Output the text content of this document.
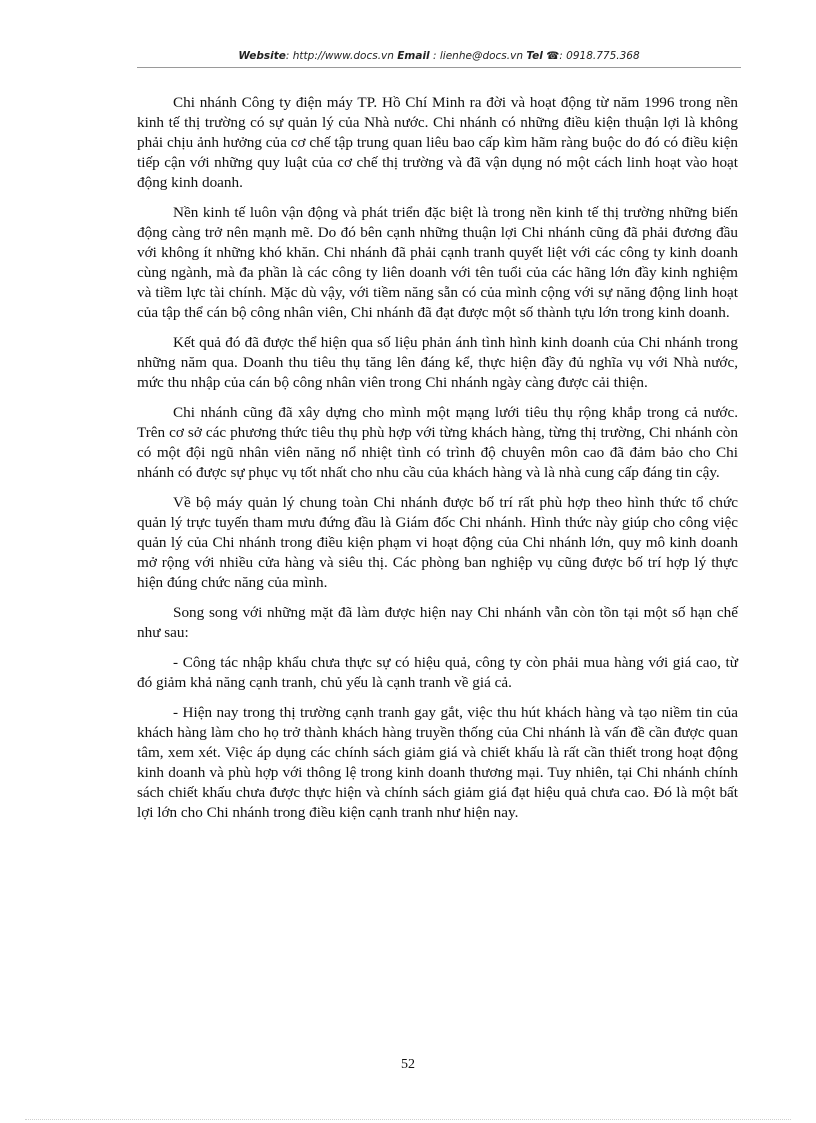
Website: http://www.docs.vn Email : lienhe@docs.vn Tel ☎: 0918.775.368

Chi nhánh Công ty điện máy TP. Hồ Chí Minh ra đời và hoạt động từ năm 1996 trong nền kinh tế thị trường có sự quản lý của Nhà nước. Chi nhánh có những điều kiện thuận lợi là không phải chịu ảnh hưởng của cơ chế tập trung quan liêu bao cấp kìm hãm ràng buộc do đó có điều kiện tiếp cận với những quy luật của cơ chế thị trường và đã vận dụng nó một cách linh hoạt vào hoạt động kinh doanh.

Nền kinh tế luôn vận động và phát triển đặc biệt là trong nền kinh tế thị trường những biến động càng trở nên mạnh mẽ. Do đó bên cạnh những thuận lợi Chi nhánh cũng đã phải đương đầu với không ít những khó khăn. Chi nhánh đã phải cạnh tranh quyết liệt với các công ty kinh doanh cùng ngành, mà đa phần là các công ty liên doanh với tên tuổi của các hãng lớn đầy kinh nghiệm và tiềm lực tài chính. Mặc dù vậy, với tiềm năng sẵn có của mình cộng với sự năng động linh hoạt của tập thể cán bộ công nhân viên, Chi nhánh đã đạt được một số thành tựu lớn trong kinh doanh.

Kết quả đó đã được thể hiện qua số liệu phản ánh tình hình kinh doanh của Chi nhánh trong những năm qua. Doanh thu tiêu thụ tăng lên đáng kể, thực hiện đầy đủ nghĩa vụ với Nhà nước, mức thu nhập của cán bộ công nhân viên trong Chi nhánh ngày càng được cải thiện.

Chi nhánh cũng đã xây dựng cho mình một mạng lưới tiêu thụ rộng khắp trong cả nước. Trên cơ sở các phương thức tiêu thụ phù hợp với từng khách hàng, từng thị trường, Chi nhánh còn có một đội ngũ nhân viên năng nổ nhiệt tình có trình độ chuyên môn cao đã đảm bảo cho Chi nhánh có được sự phục vụ tốt nhất cho nhu cầu của khách hàng và là nhà cung cấp đáng tin cậy.

Về bộ máy quản lý chung toàn Chi nhánh được bố trí rất phù hợp theo hình thức tổ chức quản lý trực tuyến tham mưu đứng đầu là Giám đốc Chi nhánh. Hình thức này giúp cho công việc quản lý của Chi nhánh trong điều kiện phạm vi hoạt động của Chi nhánh lớn, quy mô kinh doanh mở rộng với nhiều cửa hàng và siêu thị. Các phòng ban nghiệp vụ cũng được bố trí hợp lý thực hiện đúng chức năng của mình.

Song song với những mặt đã làm được hiện nay Chi nhánh vẫn còn tồn tại một số hạn chế như sau:

- Công tác nhập khẩu chưa thực sự có hiệu quả, công ty còn phải mua hàng với giá cao, từ đó giảm khả năng cạnh tranh, chủ yếu là cạnh tranh về giá cả.

- Hiện nay trong thị trường cạnh tranh gay gắt, việc thu hút khách hàng và tạo niềm tin của khách hàng làm cho họ trở thành khách hàng truyền thống của Chi nhánh là vấn đề cần được quan tâm, xem xét. Việc áp dụng các chính sách giảm giá và chiết khấu là rất cần thiết trong hoạt động kinh doanh và phù hợp với thông lệ trong kinh doanh thương mại. Tuy nhiên, tại Chi nhánh chính sách chiết khấu chưa được thực hiện và chính sách giảm giá đạt hiệu quả chưa cao. Đó là một bất lợi lớn cho Chi nhánh trong điều kiện cạnh tranh như hiện nay.

52
